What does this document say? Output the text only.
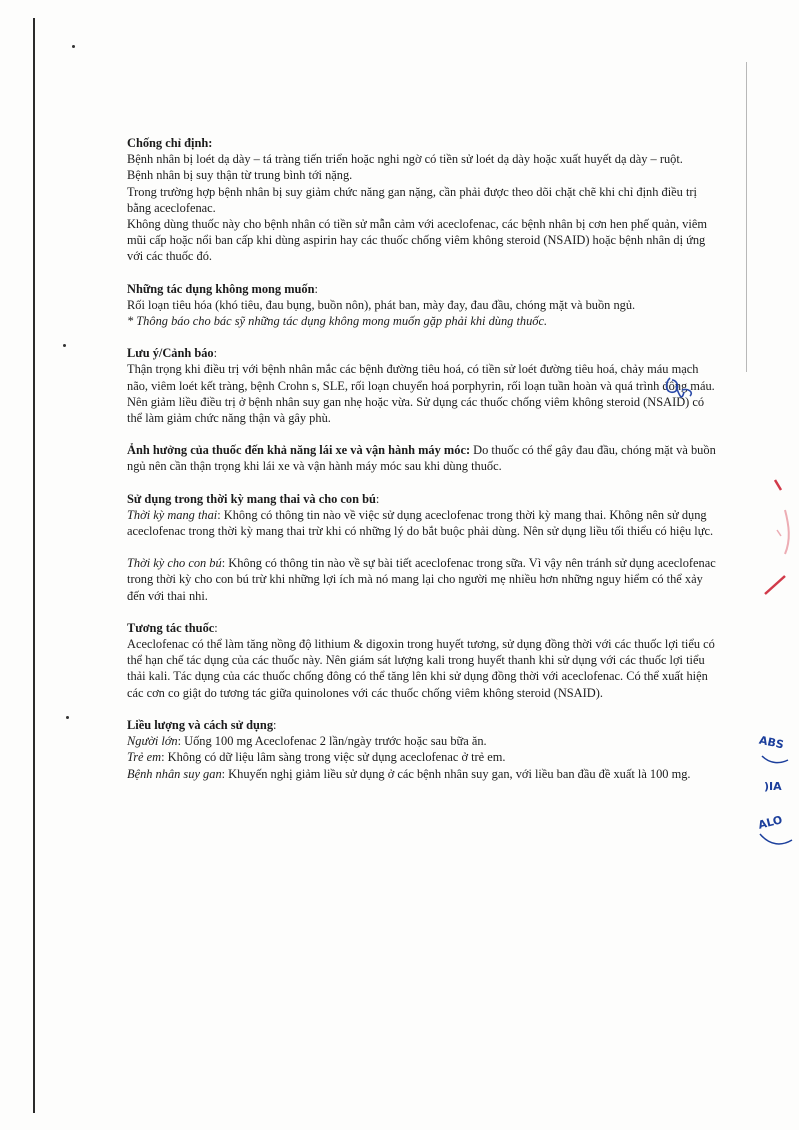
Chống chỉ định:

Bệnh nhân bị loét dạ dày – tá tràng tiến triển hoặc nghi ngờ có tiền sử loét dạ dày hoặc xuất huyết dạ dày – ruột.

Bệnh nhân bị suy thận từ trung bình tới nặng.

Trong trường hợp bệnh nhân bị suy giảm chức năng gan nặng, cần phải được theo dõi chặt chẽ khi chỉ định điều trị bằng aceclofenac.

Không dùng thuốc này cho bệnh nhân có tiền sử mẫn cảm với aceclofenac, các bệnh nhân bị cơn hen phế quản, viêm mũi cấp hoặc nổi ban cấp khi dùng aspirin hay các thuốc chống viêm không steroid (NSAID) hoặc bệnh nhân dị ứng với các thuốc đó.

Những tác dụng không mong muốn:

Rối loạn tiêu hóa (khó tiêu, đau bụng, buồn nôn), phát ban, mày đay, đau đầu, chóng mặt và buồn ngủ.

* Thông báo cho bác sỹ những tác dụng không mong muốn gặp phải khi dùng thuốc.

Lưu ý/Cảnh báo:

Thận trọng khi điều trị với bệnh nhân mắc các bệnh đường tiêu hoá, có tiền sử loét đường tiêu hoá, chảy máu mạch não, viêm loét kết tràng, bệnh Crohn s, SLE, rối loạn chuyển hoá porphyrin, rối loạn tuần hoàn và quá trình đông máu. Nên giảm liều điều trị ở bệnh nhân suy gan nhẹ hoặc vừa. Sử dụng các thuốc chống viêm không steroid (NSAID) có thể làm giảm chức năng thận và gây phù.

Ảnh hưởng của thuốc đến khả năng lái xe và vận hành máy móc: Do thuốc có thể gây đau đầu, chóng mặt và buồn ngủ nên cần thận trọng khi lái xe và vận hành máy móc sau khi dùng thuốc.

Sử dụng trong thời kỳ mang thai và cho con bú:

Thời kỳ mang thai: Không có thông tin nào về việc sử dụng aceclofenac trong thời kỳ mang thai. Không nên sử dụng aceclofenac trong thời kỳ mang thai trừ khi có những lý do bắt buộc phải dùng. Nên sử dụng liều tối thiểu có hiệu lực.

Thời kỳ cho con bú: Không có thông tin nào về sự bài tiết aceclofenac trong sữa. Vì vậy nên tránh sử dụng aceclofenac trong thời kỳ cho con bú trừ khi những lợi ích mà nó mang lại cho người mẹ nhiều hơn những nguy hiểm có thể xảy đến với thai nhi.

Tương tác thuốc:

Aceclofenac có thể làm tăng nồng độ lithium & digoxin trong huyết tương, sử dụng đồng thời với các thuốc lợi tiểu có thể hạn chế tác dụng của các thuốc này. Nên giám sát lượng kali trong huyết thanh khi sử dụng với các thuốc lợi tiểu thải kali. Tác dụng của các thuốc chống đông có thể tăng lên khi sử dụng đồng thời với aceclofenac. Có thể xuất hiện các cơn co giật do tương tác giữa quinolones với các thuốc chống viêm không steroid (NSAID).

Liều lượng và cách sử dụng:

Người lớn: Uống 100 mg Aceclofenac 2 lần/ngày trước hoặc sau bữa ăn.

Trẻ em: Không có dữ liệu lâm sàng trong việc sử dụng aceclofenac ở trẻ em.

Bệnh nhân suy gan: Khuyến nghị giảm liều sử dụng ở các bệnh nhân suy gan, với liều ban đầu đề xuất là 100 mg.

ABS
)IA
ALO
